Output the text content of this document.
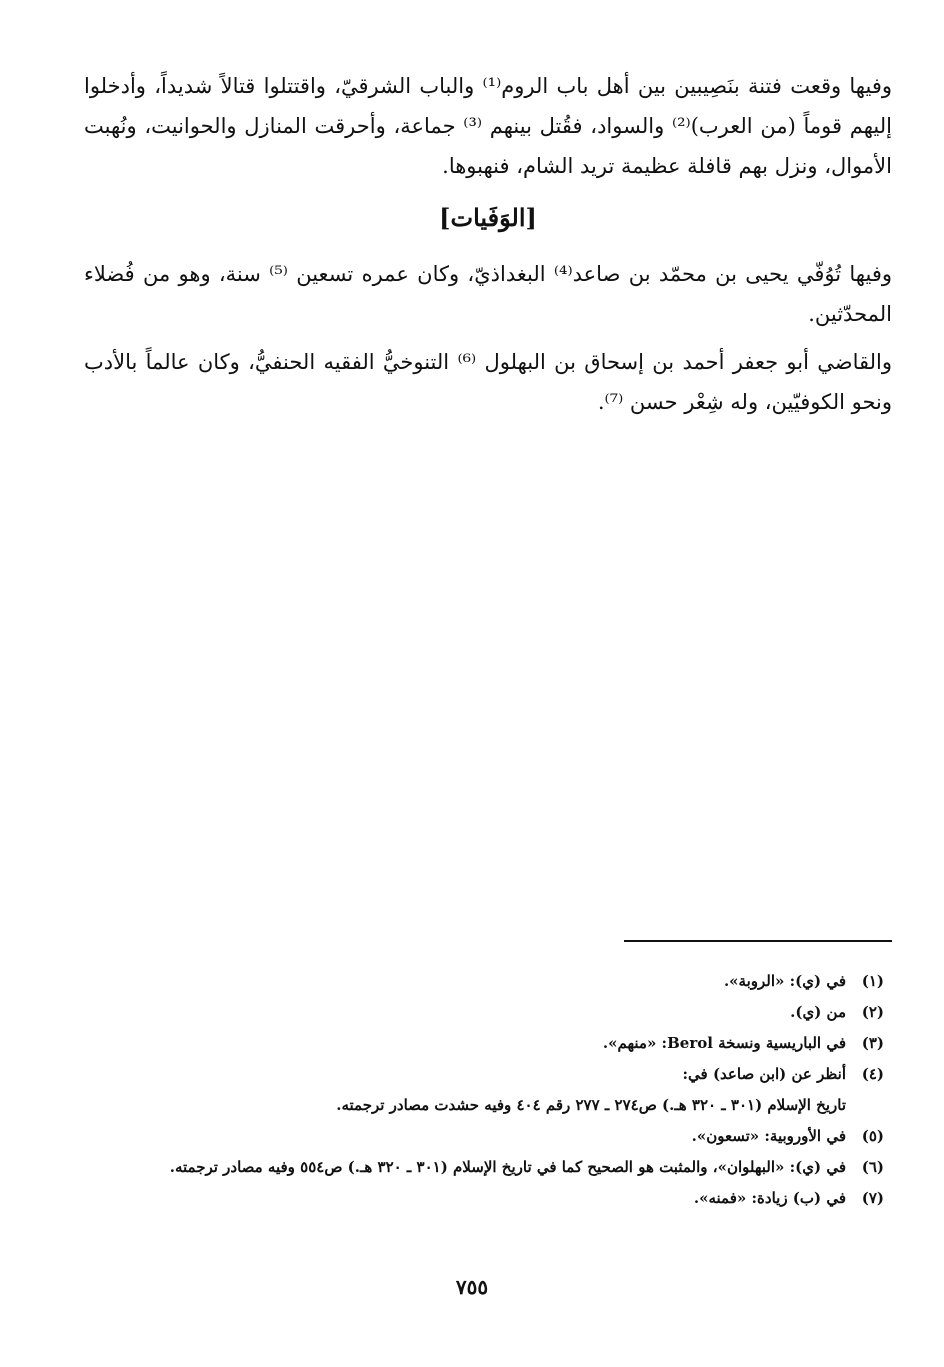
وفيها وقعت فتنة بنَصِيبين بين أهل باب الروم⁽¹⁾ والباب الشرقيّ، واقتتلوا قتالاً شديداً، وأدخلوا إليهم قوماً (من العرب)⁽²⁾ والسواد، فقُتل بينهم ⁽³⁾ جماعة، وأحرقت المنازل والحوانيت، ونُهبت الأموال، ونزل بهم قافلة عظيمة تريد الشام، فنهبوها.

[الوَفَيات]

وفيها تُوُفّي يحيى بن محمّد بن صاعد⁽⁴⁾ البغداذيّ، وكان عمره تسعين ⁽⁵⁾ سنة، وهو من فُضلاء المحدّثين.

والقاضي أبو جعفر أحمد بن إسحاق بن البهلول ⁽⁶⁾ التنوخيُّ الفقيه الحنفيُّ، وكان عالماً بالأدب ونحو الكوفيّين، وله شِعْر حسن ⁽⁷⁾.

(١)
في (ي): «الروبة».
(٢)
من (ي).
(٣)
في الباريسية ونسخة Berol: «منهم».
(٤)
أنظر عن (ابن صاعد) في:
تاريخ الإسلام (٣٠١ ـ ٣٢٠ هـ.) ص٢٧٤ ـ ٢٧٧ رقم ٤٠٤ وفيه حشدت مصادر ترجمته.
(٥)
في الأوروبية: «تسعون».
(٦)
في (ي): «البهلوان»، والمثبت هو الصحيح كما في تاريخ الإسلام (٣٠١ ـ ٣٢٠ هـ.) ص٥٥٤ وفيه مصادر ترجمته.
(٧)
في (ب) زيادة: «فمنه».
٧٥٥
